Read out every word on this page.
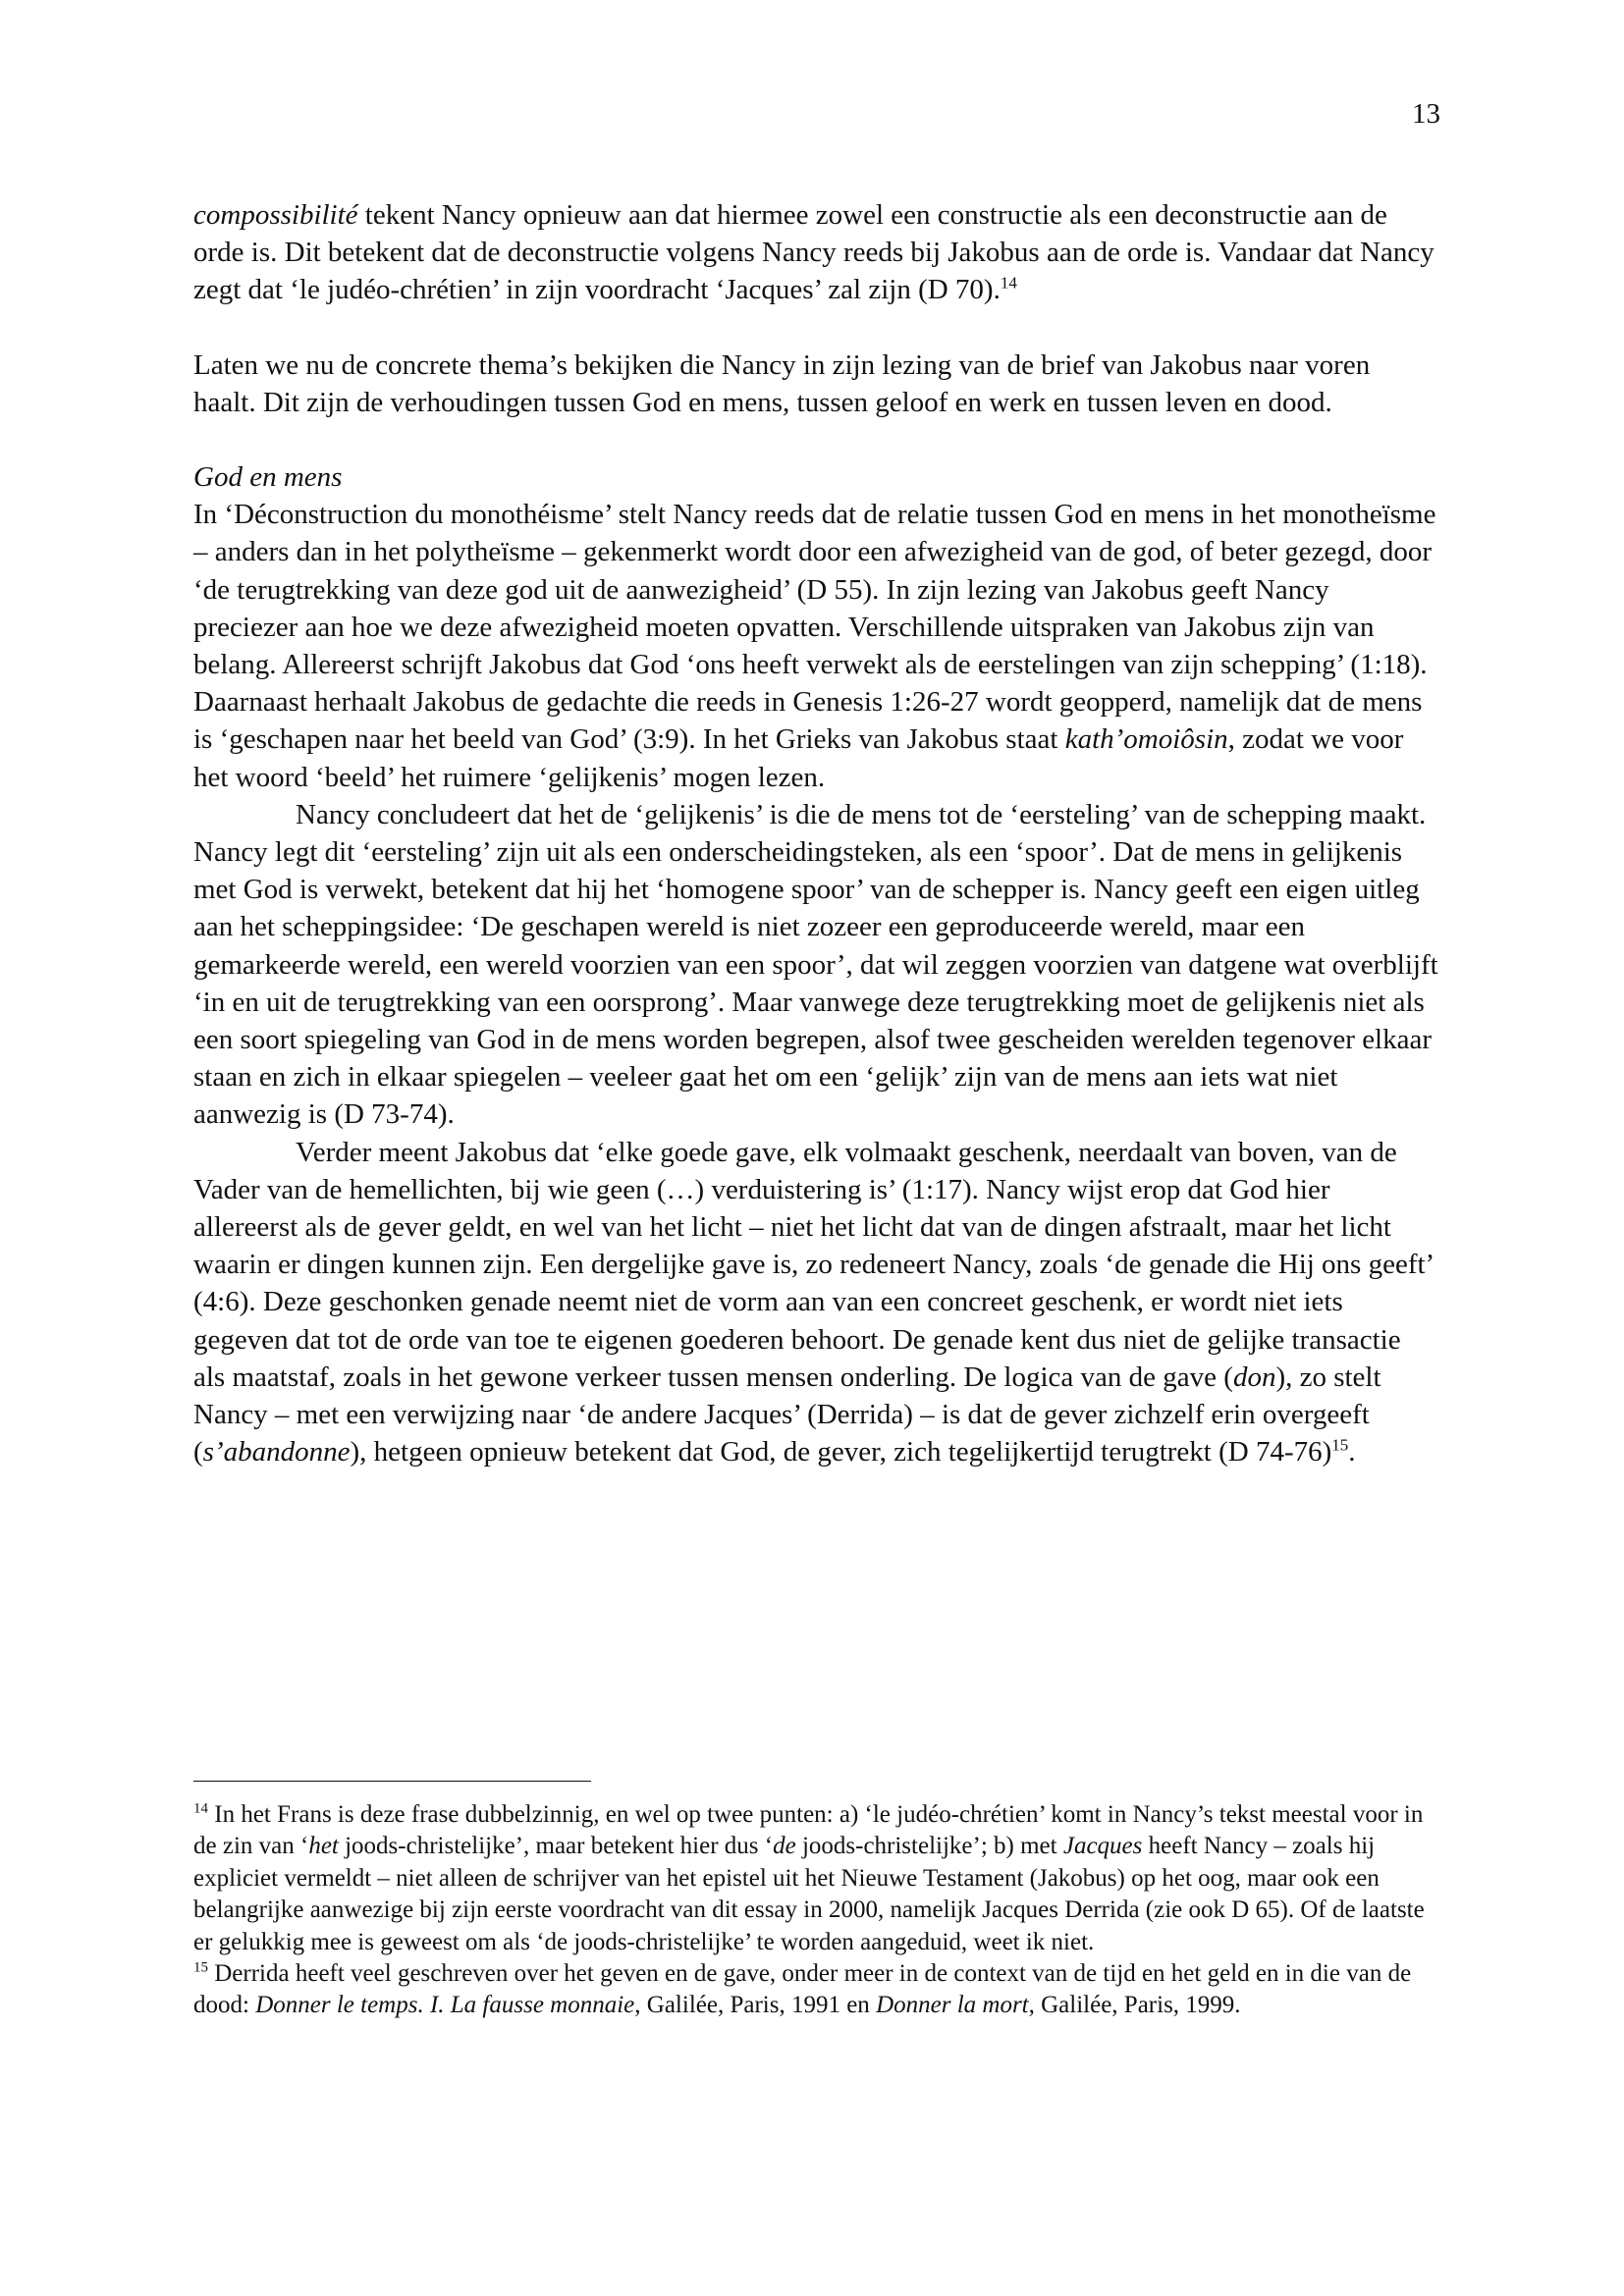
13

compossibilité tekent Nancy opnieuw aan dat hiermee zowel een constructie als een deconstructie aan de orde is. Dit betekent dat de deconstructie volgens Nancy reeds bij Jakobus aan de orde is. Vandaar dat Nancy zegt dat ‘le judéo-chrétien’ in zijn voordracht ‘Jacques’ zal zijn (D 70).$^{14}$

Laten we nu de concrete thema’s bekijken die Nancy in zijn lezing van de brief van Jakobus naar voren haalt. Dit zijn de verhoudingen tussen God en mens, tussen geloof en werk en tussen leven en dood.

God en mens

In ‘Déconstruction du monothéisme’ stelt Nancy reeds dat de relatie tussen God en mens in het monotheïsme – anders dan in het polytheïsme – gekenmerkt wordt door een afwezigheid van de god, of beter gezegd, door ‘de terugtrekking van deze god uit de aanwezigheid’ (D 55). In zijn lezing van Jakobus geeft Nancy preciezer aan hoe we deze afwezigheid moeten opvatten. Verschillende uitspraken van Jakobus zijn van belang. Allereerst schrijft Jakobus dat God ‘ons heeft verwekt als de eerstelingen van zijn schepping’ (1:18). Daarnaast herhaalt Jakobus de gedachte die reeds in Genesis 1:26-27 wordt geopperd, namelijk dat de mens is ‘geschapen naar het beeld van God’ (3:9). In het Grieks van Jakobus staat kath’omoiôsin, zodat we voor het woord ‘beeld’ het ruimere ‘gelijkenis’ mogen lezen.

Nancy concludeert dat het de ‘gelijkenis’ is die de mens tot de ‘eersteling’ van de schepping maakt. Nancy legt dit ‘eersteling’ zijn uit als een onderscheidingsteken, als een ‘spoor’. Dat de mens in gelijkenis met God is verwekt, betekent dat hij het ‘homogene spoor’ van de schepper is. Nancy geeft een eigen uitleg aan het scheppingsidee: ‘De geschapen wereld is niet zozeer een geproduceerde wereld, maar een gemarkeerde wereld, een wereld voorzien van een spoor’, dat wil zeggen voorzien van datgene wat overblijft ‘in en uit de terugtrekking van een oorsprong’. Maar vanwege deze terugtrekking moet de gelijkenis niet als een soort spiegeling van God in de mens worden begrepen, alsof twee gescheiden werelden tegenover elkaar staan en zich in elkaar spiegelen – veeleer gaat het om een ‘gelijk’ zijn van de mens aan iets wat niet aanwezig is (D 73-74).

Verder meent Jakobus dat ‘elke goede gave, elk volmaakt geschenk, neerdaalt van boven, van de Vader van de hemellichten, bij wie geen (…) verduistering is’ (1:17). Nancy wijst erop dat God hier allereerst als de gever geldt, en wel van het licht – niet het licht dat van de dingen afstraalt, maar het licht waarin er dingen kunnen zijn. Een dergelijke gave is, zo redeneert Nancy, zoals ‘de genade die Hij ons geeft’ (4:6). Deze geschonken genade neemt niet de vorm aan van een concreet geschenk, er wordt niet iets gegeven dat tot de orde van toe te eigenen goederen behoort. De genade kent dus niet de gelijke transactie als maatstaf, zoals in het gewone verkeer tussen mensen onderling. De logica van de gave (don), zo stelt Nancy – met een verwijzing naar ‘de andere Jacques’ (Derrida) – is dat de gever zichzelf erin overgeeft (s’abandonne), hetgeen opnieuw betekent dat God, de gever, zich tegelijkertijd terugtrekt (D 74-76)$^{15}$.

$^{14}$ In het Frans is deze frase dubbelzinnig, en wel op twee punten: a) ‘le judéo-chrétien’ komt in Nancy’s tekst meestal voor in de zin van ‘het joods-christelijke’, maar betekent hier dus ‘de joods-christelijke’; b) met Jacques heeft Nancy – zoals hij expliciet vermeldt – niet alleen de schrijver van het epistel uit het Nieuwe Testament (Jakobus) op het oog, maar ook een belangrijke aanwezige bij zijn eerste voordracht van dit essay in 2000, namelijk Jacques Derrida (zie ook D 65). Of de laatste er gelukkig mee is geweest om als ‘de joods-christelijke’ te worden aangeduid, weet ik niet.

$^{15}$ Derrida heeft veel geschreven over het geven en de gave, onder meer in de context van de tijd en het geld en in die van de dood: Donner le temps. I. La fausse monnaie, Galilée, Paris, 1991 en Donner la mort, Galilée, Paris, 1999.
